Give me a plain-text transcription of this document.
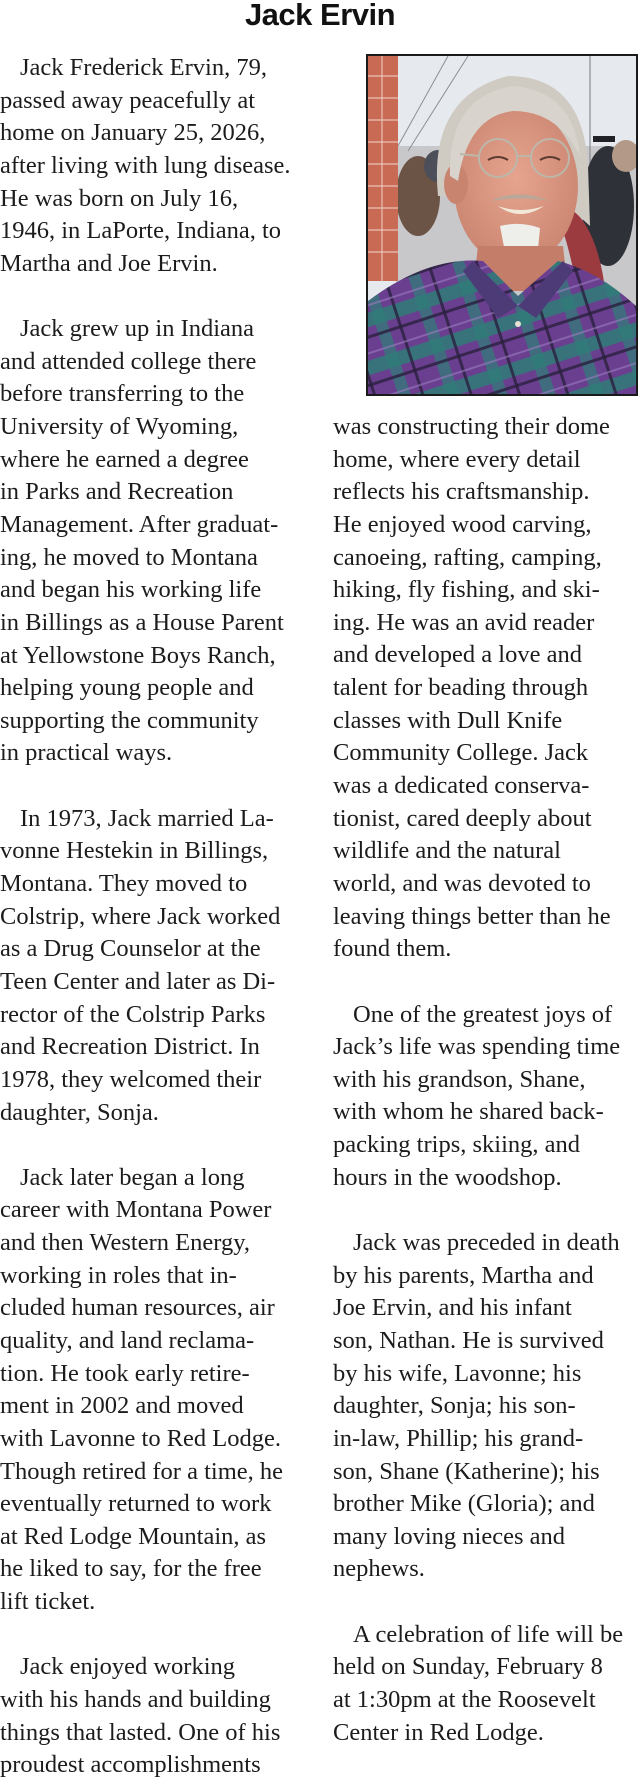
Jack Ervin
Jack Frederick Ervin, 79,
passed away peacefully at
home on January 25, 2026,
after living with lung disease.
He was born on July 16,
1946, in LaPorte, Indiana, to
Martha and Joe Ervin.
Jack grew up in Indiana
and attended college there
before transferring to the
University of Wyoming,
where he earned a degree
in Parks and Recreation
Management. After graduat-
ing, he moved to Montana
and began his working life
in Billings as a House Parent
at Yellowstone Boys Ranch,
helping young people and
supporting the community
in practical ways.
In 1973, Jack married La-
vonne Hestekin in Billings,
Montana. They moved to
Colstrip, where Jack worked
as a Drug Counselor at the
Teen Center and later as Di-
rector of the Colstrip Parks
and Recreation District. In
1978, they welcomed their
daughter, Sonja.
Jack later began a long
career with Montana Power
and then Western Energy,
working in roles that in-
cluded human resources, air
quality, and land reclama-
tion. He took early retire-
ment in 2002 and moved
with Lavonne to Red Lodge.
Though retired for a time, he
eventually returned to work
at Red Lodge Mountain, as
he liked to say, for the free
lift ticket.
Jack enjoyed working
with his hands and building
things that lasted. One of his
proudest accomplishments
was constructing their dome
home, where every detail
reflects his craftsmanship.
He enjoyed wood carving,
canoeing, rafting, camping,
hiking, fly fishing, and ski-
ing. He was an avid reader
and developed a love and
talent for beading through
classes with Dull Knife
Community College. Jack
was a dedicated conserva-
tionist, cared deeply about
wildlife and the natural
world, and was devoted to
leaving things better than he
found them.
One of the greatest joys of
Jack’s life was spending time
with his grandson, Shane,
with whom he shared back-
packing trips, skiing, and
hours in the woodshop.
Jack was preceded in death
by his parents, Martha and
Joe Ervin, and his infant
son, Nathan. He is survived
by his wife, Lavonne; his
daughter, Sonja; his son-
in-law, Phillip; his grand-
son, Shane (Katherine); his
brother Mike (Gloria); and
many loving nieces and
nephews.
A celebration of life will be
held on Sunday, February 8
at 1:30pm at the Roosevelt
Center in Red Lodge.
